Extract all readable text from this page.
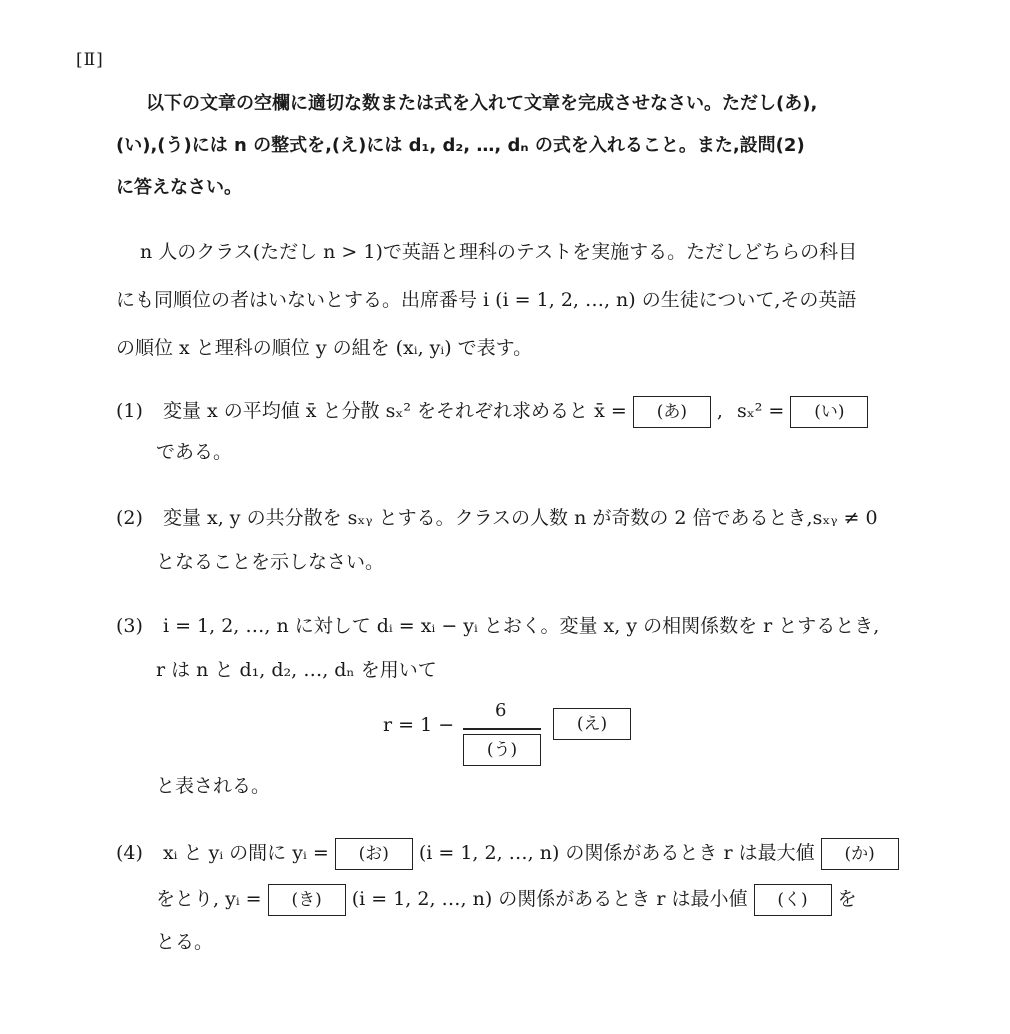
[Ⅱ]
以下の文章の空欄に適切な数または式を入れて文章を完成させなさい。ただし(あ),
(い),(う)には n の整式を,(え)には d₁, d₂, …, dₙ の式を入れること。また,設問(2)
に答えなさい。
n 人のクラス(ただし n > 1)で英語と理科のテストを実施する。ただしどちらの科目
にも同順位の者はいないとする。出席番号 i (i = 1, 2, …, n) の生徒について,その英語
の順位 x と理科の順位 y の組を (xᵢ, yᵢ) で表す。
(1) 変量 x の平均値 x̄ と分散 sₓ² をそれぞれ求めると x̄ = (あ) , sₓ² = (い)
である。
(2) 変量 x, y の共分散を sₓᵧ とする。クラスの人数 n が奇数の 2 倍であるとき,sₓᵧ ≠ 0
となることを示しなさい。
(3) i = 1, 2, …, n に対して dᵢ = xᵢ − yᵢ とおく。変量 x, y の相関係数を r とするとき,
r は n と d₁, d₂, …, dₙ を用いて
r = 1 −
6
(う)
(え)
と表される。
(4) xᵢ と yᵢ の間に yᵢ = (お) (i = 1, 2, …, n) の関係があるとき r は最大値 (か)
をとり, yᵢ = (き) (i = 1, 2, …, n) の関係があるとき r は最小値 (く) を
とる。
